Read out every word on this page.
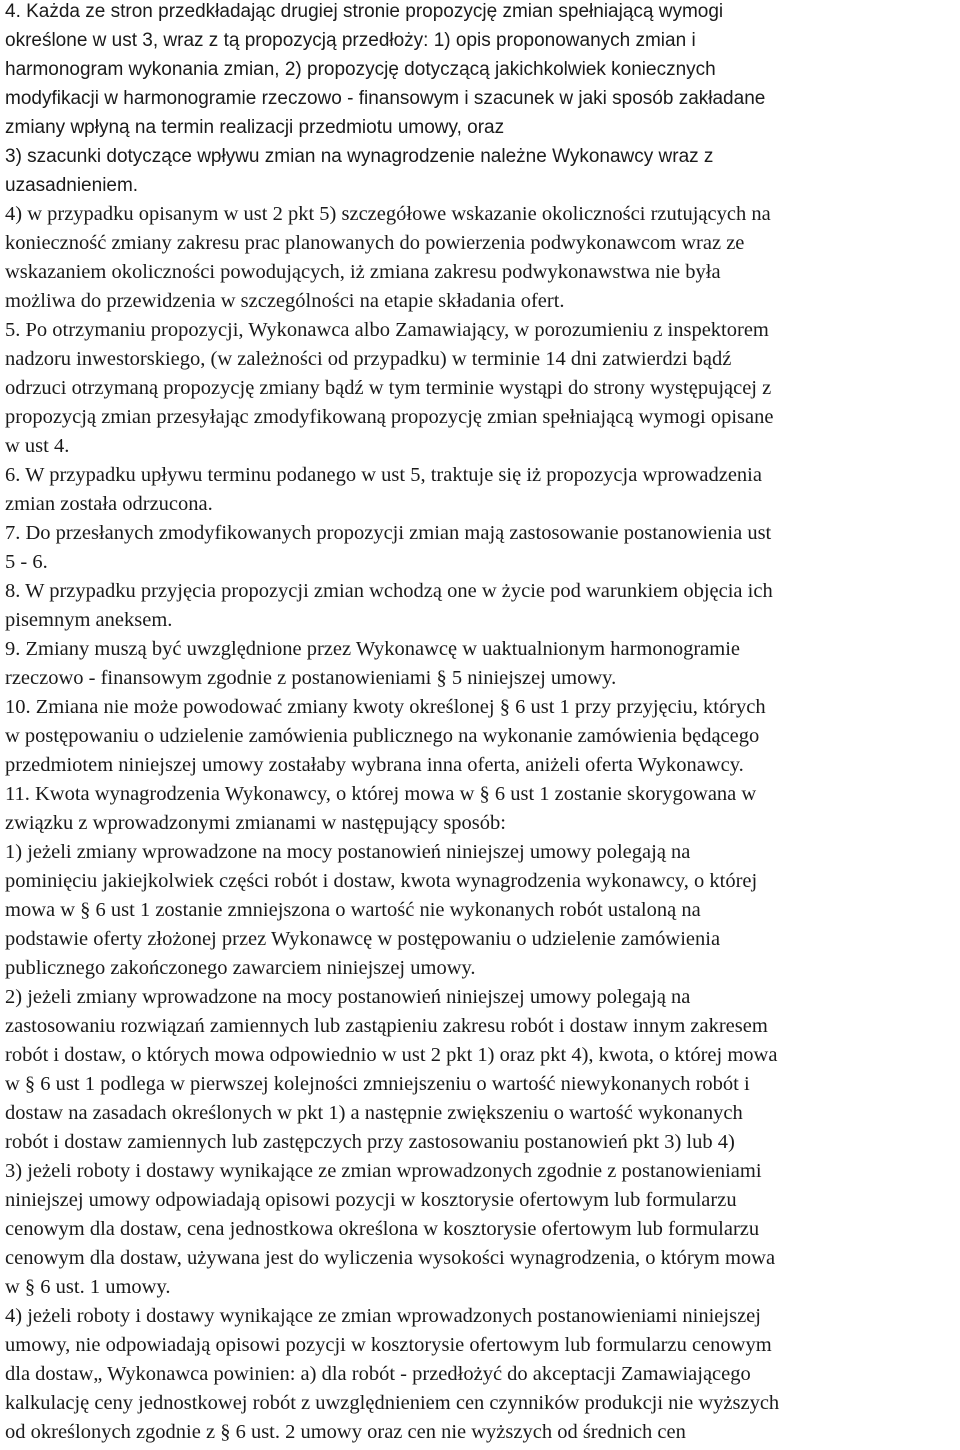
4. Każda ze stron przedkładając drugiej stronie propozycję zmian spełniającą wymogi
określone w ust 3, wraz z tą propozycją przedłoży: 1) opis proponowanych zmian i
harmonogram wykonania zmian, 2) propozycję dotyczącą jakichkolwiek koniecznych
modyfikacji w harmonogramie rzeczowo - finansowym i szacunek w jaki sposób zakładane
zmiany wpłyną na termin realizacji przedmiotu umowy, oraz
3) szacunki dotyczące wpływu zmian na wynagrodzenie należne Wykonawcy wraz z
uzasadnieniem.
4) w przypadku opisanym w ust 2 pkt 5) szczegółowe wskazanie okoliczności rzutujących na
konieczność zmiany zakresu prac planowanych do powierzenia podwykonawcom wraz ze
wskazaniem okoliczności powodujących, iż zmiana zakresu podwykonawstwa nie była
możliwa do przewidzenia w szczególności na etapie składania ofert.
5. Po otrzymaniu propozycji, Wykonawca albo Zamawiający, w porozumieniu z inspektorem
nadzoru inwestorskiego, (w zależności od przypadku) w terminie 14 dni zatwierdzi bądź
odrzuci otrzymaną propozycję zmiany bądź w tym terminie wystąpi do strony występującej z
propozycją zmian przesyłając zmodyfikowaną propozycję zmian spełniającą wymogi opisane
w ust 4.
6. W przypadku upływu terminu podanego w ust 5, traktuje się iż propozycja wprowadzenia
zmian została odrzucona.
7. Do przesłanych zmodyfikowanych propozycji zmian mają zastosowanie postanowienia ust
5 - 6.
8. W przypadku przyjęcia propozycji zmian wchodzą one w życie pod warunkiem objęcia ich
pisemnym aneksem.
9. Zmiany muszą być uwzględnione przez Wykonawcę w uaktualnionym harmonogramie
rzeczowo - finansowym zgodnie z postanowieniami § 5 niniejszej umowy.
10. Zmiana nie może powodować zmiany kwoty określonej § 6 ust 1 przy przyjęciu, których
w postępowaniu o udzielenie zamówienia publicznego na wykonanie zamówienia będącego
przedmiotem niniejszej umowy zostałaby wybrana inna oferta, aniżeli oferta Wykonawcy.
11. Kwota wynagrodzenia Wykonawcy, o której mowa w § 6 ust 1 zostanie skorygowana w
związku z wprowadzonymi zmianami w następujący sposób:
1) jeżeli zmiany wprowadzone na mocy postanowień niniejszej umowy polegają na
pominięciu jakiejkolwiek części robót i dostaw, kwota wynagrodzenia wykonawcy, o której
mowa w § 6 ust 1 zostanie zmniejszona o wartość nie wykonanych robót ustaloną na
podstawie oferty złożonej przez Wykonawcę w postępowaniu o udzielenie zamówienia
publicznego zakończonego zawarciem niniejszej umowy.
2) jeżeli zmiany wprowadzone na mocy postanowień niniejszej umowy polegają na
zastosowaniu rozwiązań zamiennych lub zastąpieniu zakresu robót i dostaw innym zakresem
robót i dostaw, o których mowa odpowiednio w ust 2 pkt 1) oraz pkt 4), kwota, o której mowa
w § 6 ust 1 podlega w pierwszej kolejności zmniejszeniu o wartość niewykonanych robót i
dostaw na zasadach określonych w pkt 1) a następnie zwiększeniu o wartość wykonanych
robót i dostaw zamiennych lub zastępczych przy zastosowaniu postanowień pkt 3) lub 4)
3) jeżeli roboty i dostawy wynikające ze zmian wprowadzonych zgodnie z postanowieniami
niniejszej umowy odpowiadają opisowi pozycji w kosztorysie ofertowym lub formularzu
cenowym dla dostaw, cena jednostkowa określona w kosztorysie ofertowym lub formularzu
cenowym dla dostaw, używana jest do wyliczenia wysokości wynagrodzenia, o którym mowa
w § 6 ust. 1 umowy.
4) jeżeli roboty i dostawy wynikające ze zmian wprowadzonych postanowieniami niniejszej
umowy, nie odpowiadają opisowi pozycji w kosztorysie ofertowym lub formularzu cenowym
dla dostaw„ Wykonawca powinien: a) dla robót - przedłożyć do akceptacji Zamawiającego
kalkulację ceny jednostkowej robót z uwzględnieniem cen czynników produkcji nie wyższych
od określonych zgodnie z § 6 ust. 2 umowy oraz cen nie wyższych od średnich cen
